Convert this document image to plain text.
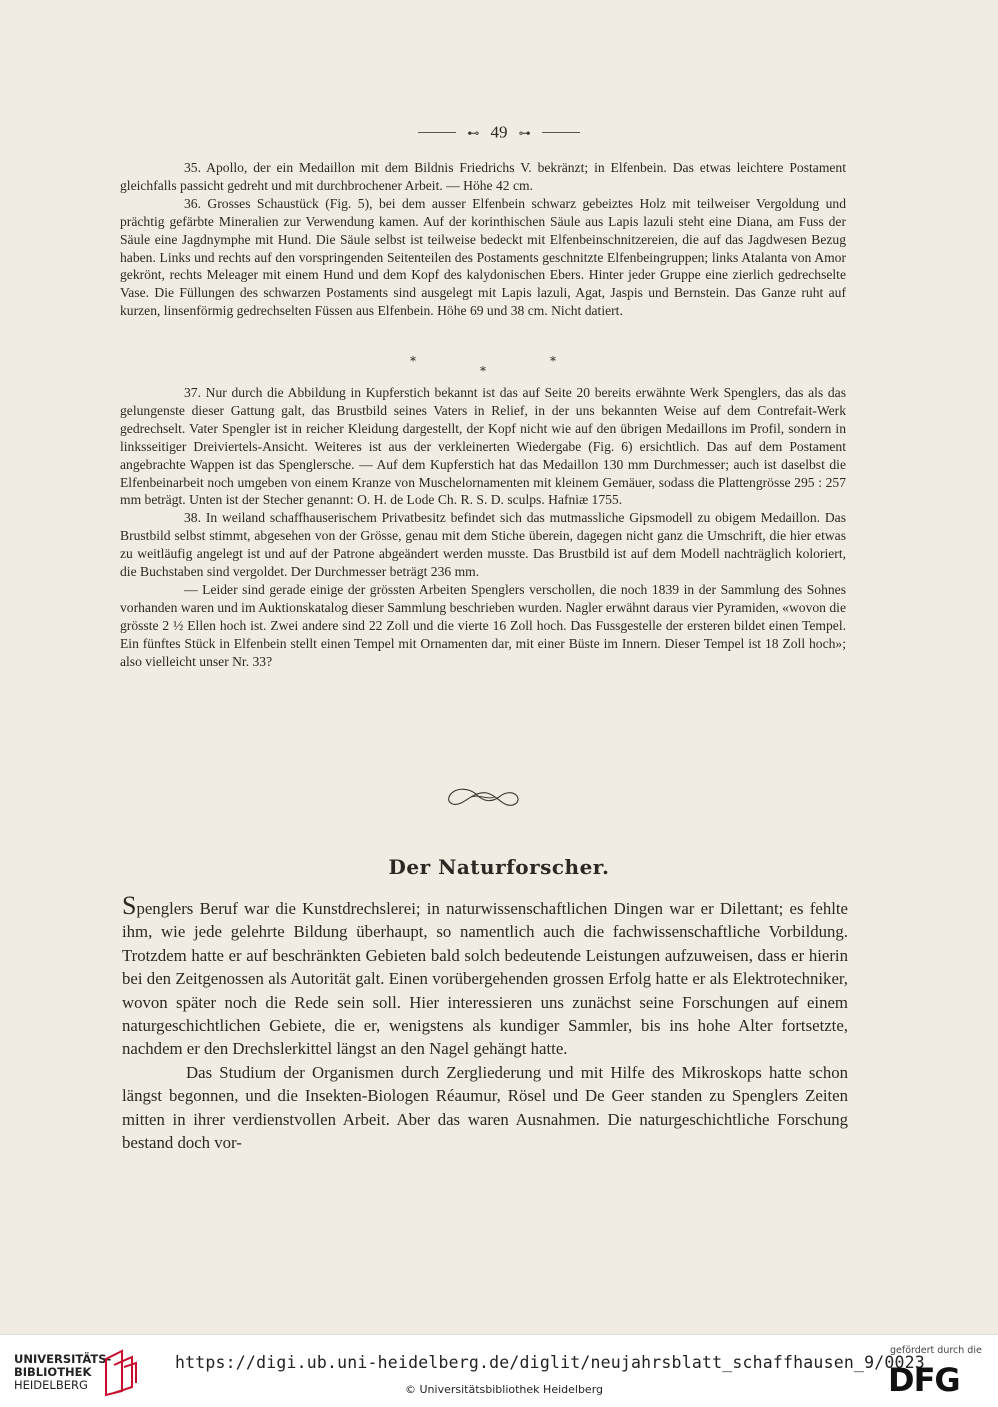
⊷ 49 ⊶

35. Apollo, der ein Medaillon mit dem Bildnis Friedrichs V. bekränzt; in Elfenbein. Das etwas leichtere Postament gleichfalls passicht gedreht und mit durchbrochener Arbeit. — Höhe 42 cm.

36. Grosses Schaustück (Fig. 5), bei dem ausser Elfenbein schwarz gebeiztes Holz mit teilweiser Vergoldung und prächtig gefärbte Mineralien zur Verwendung kamen. Auf der korinthischen Säule aus Lapis lazuli steht eine Diana, am Fuss der Säule eine Jagdnymphe mit Hund. Die Säule selbst ist teilweise bedeckt mit Elfenbeinschnitzereien, die auf das Jagdwesen Bezug haben. Links und rechts auf den vorspringenden Seitenteilen des Postaments geschnitzte Elfenbeingruppen; links Atalanta von Amor gekrönt, rechts Meleager mit einem Hund und dem Kopf des kalydonischen Ebers. Hinter jeder Gruppe eine zierlich gedrechselte Vase. Die Füllungen des schwarzen Postaments sind ausgelegt mit Lapis lazuli, Agat, Jaspis und Bernstein. Das Ganze ruht auf kurzen, linsenförmig gedrechselten Füssen aus Elfenbein. Höhe 69 und 38 cm. Nicht datiert.

*
*
*

37. Nur durch die Abbildung in Kupferstich bekannt ist das auf Seite 20 bereits erwähnte Werk Spenglers, das als das gelungenste dieser Gattung galt, das Brustbild seines Vaters in Relief, in der uns bekannten Weise auf dem Contrefait-Werk gedrechselt. Vater Spengler ist in reicher Kleidung dargestellt, der Kopf nicht wie auf den übrigen Medaillons im Profil, sondern in linksseitiger Dreiviertels-Ansicht. Weiteres ist aus der verkleinerten Wiedergabe (Fig. 6) ersichtlich. Das auf dem Postament angebrachte Wappen ist das Spenglersche. — Auf dem Kupferstich hat das Medaillon 130 mm Durchmesser; auch ist daselbst die Elfenbeinarbeit noch umgeben von einem Kranze von Muschelornamenten mit kleinem Gemäuer, sodass die Plattengrösse 295 : 257 mm beträgt. Unten ist der Stecher genannt: O. H. de Lode Ch. R. S. D. sculps. Hafniæ 1755.

38. In weiland schaffhauserischem Privatbesitz befindet sich das mutmassliche Gipsmodell zu obigem Medaillon. Das Brustbild selbst stimmt, abgesehen von der Grösse, genau mit dem Stiche überein, dagegen nicht ganz die Umschrift, die hier etwas zu weitläufig angelegt ist und auf der Patrone abgeändert werden musste. Das Brustbild ist auf dem Modell nachträglich koloriert, die Buchstaben sind vergoldet. Der Durchmesser beträgt 236 mm.

— Leider sind gerade einige der grössten Arbeiten Spenglers verschollen, die noch 1839 in der Sammlung des Sohnes vorhanden waren und im Auktionskatalog dieser Sammlung beschrieben wurden. Nagler erwähnt daraus vier Pyramiden, «wovon die grösste 2 ½ Ellen hoch ist. Zwei andere sind 22 Zoll und die vierte 16 Zoll hoch. Das Fussgestelle der ersteren bildet einen Tempel. Ein fünftes Stück in Elfenbein stellt einen Tempel mit Ornamenten dar, mit einer Büste im Innern. Dieser Tempel ist 18 Zoll hoch»; also vielleicht unser Nr. 33?

Der Naturforscher.

Spenglers Beruf war die Kunstdrechslerei; in naturwissenschaftlichen Dingen war er Dilettant; es fehlte ihm, wie jede gelehrte Bildung überhaupt, so namentlich auch die fachwissenschaftliche Vorbildung. Trotzdem hatte er auf beschränkten Gebieten bald solch bedeutende Leistungen aufzuweisen, dass er hierin bei den Zeitgenossen als Autorität galt. Einen vorübergehenden grossen Erfolg hatte er als Elektrotechniker, wovon später noch die Rede sein soll. Hier interessieren uns zunächst seine Forschungen auf einem naturgeschichtlichen Gebiete, die er, wenigstens als kundiger Sammler, bis ins hohe Alter fortsetzte, nachdem er den Drechslerkittel längst an den Nagel gehängt hatte.

Das Studium der Organismen durch Zergliederung und mit Hilfe des Mikroskops hatte schon längst begonnen, und die Insekten-Biologen Réaumur, Rösel und De Geer standen zu Spenglers Zeiten mitten in ihrer verdienstvollen Arbeit. Aber das waren Ausnahmen. Die naturgeschichtliche Forschung bestand doch vor-

UNIVERSITÄTS-
BIBLIOTHEK
HEIDELBERG
https://digi.ub.uni-heidelberg.de/diglit/neujahrsblatt_schaffhausen_9/0023
© Universitätsbibliothek Heidelberg
gefördert durch die
DFG
